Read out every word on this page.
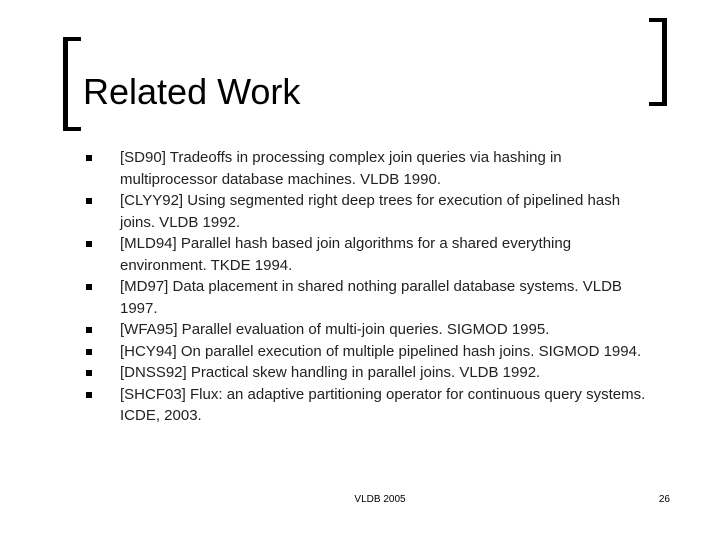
Related Work
[SD90] Tradeoffs in processing complex join queries via hashing in multiprocessor database machines. VLDB 1990.
[CLYY92] Using segmented right deep trees for execution of pipelined hash joins. VLDB 1992.
[MLD94] Parallel hash based join algorithms for a shared everything environment. TKDE 1994.
[MD97] Data placement in shared nothing parallel database systems. VLDB 1997.
[WFA95] Parallel evaluation of multi-join queries. SIGMOD 1995.
[HCY94] On parallel execution of multiple pipelined hash joins. SIGMOD 1994.
[DNSS92] Practical skew handling in parallel joins. VLDB 1992.
[SHCF03] Flux: an adaptive partitioning operator for continuous query systems. ICDE, 2003.
VLDB 2005	26
